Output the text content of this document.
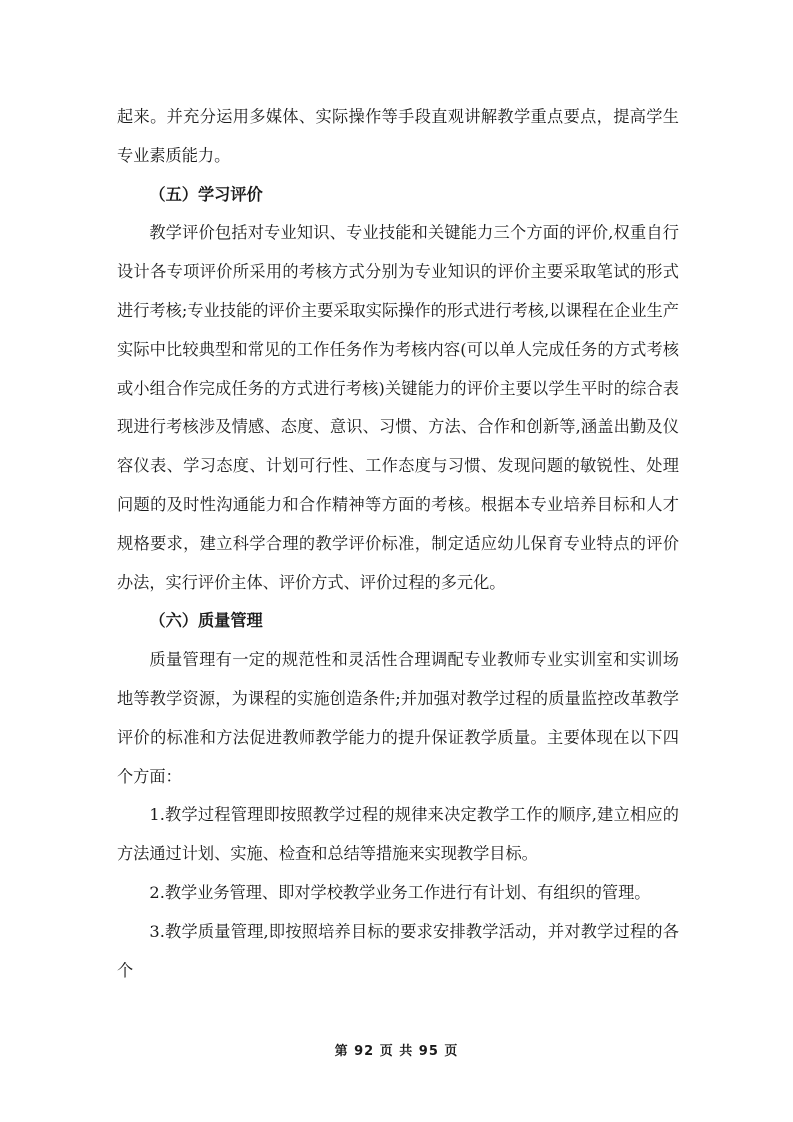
起来。并充分运用多媒体、实际操作等手段直观讲解教学重点要点，提高学生专业素质能力。

（五）学习评价

教学评价包括对专业知识、专业技能和关键能力三个方面的评价,权重自行设计各专项评价所采用的考核方式分别为专业知识的评价主要采取笔试的形式进行考核;专业技能的评价主要采取实际操作的形式进行考核,以课程在企业生产实际中比较典型和常见的工作任务作为考核内容(可以单人完成任务的方式考核或小组合作完成任务的方式进行考核)关键能力的评价主要以学生平时的综合表现进行考核涉及情感、态度、意识、习惯、方法、合作和创新等,涵盖出勤及仪容仪表、学习态度、计划可行性、工作态度与习惯、发现问题的敏锐性、处理问题的及时性沟通能力和合作精神等方面的考核。根据本专业培养目标和人才规格要求，建立科学合理的教学评价标准，制定适应幼儿保育专业特点的评价办法，实行评价主体、评价方式、评价过程的多元化。

（六）质量管理

质量管理有一定的规范性和灵活性合理调配专业教师专业实训室和实训场地等教学资源，为课程的实施创造条件;并加强对教学过程的质量监控改革教学评价的标准和方法促进教师教学能力的提升保证教学质量。主要体现在以下四个方面：

1.教学过程管理即按照教学过程的规律来决定教学工作的顺序,建立相应的方法通过计划、实施、检查和总结等措施来实现教学目标。

2.教学业务管理、即对学校教学业务工作进行有计划、有组织的管理。

3.教学质量管理,即按照培养目标的要求安排教学活动，并对教学过程的各个

第 92 页 共 95 页
